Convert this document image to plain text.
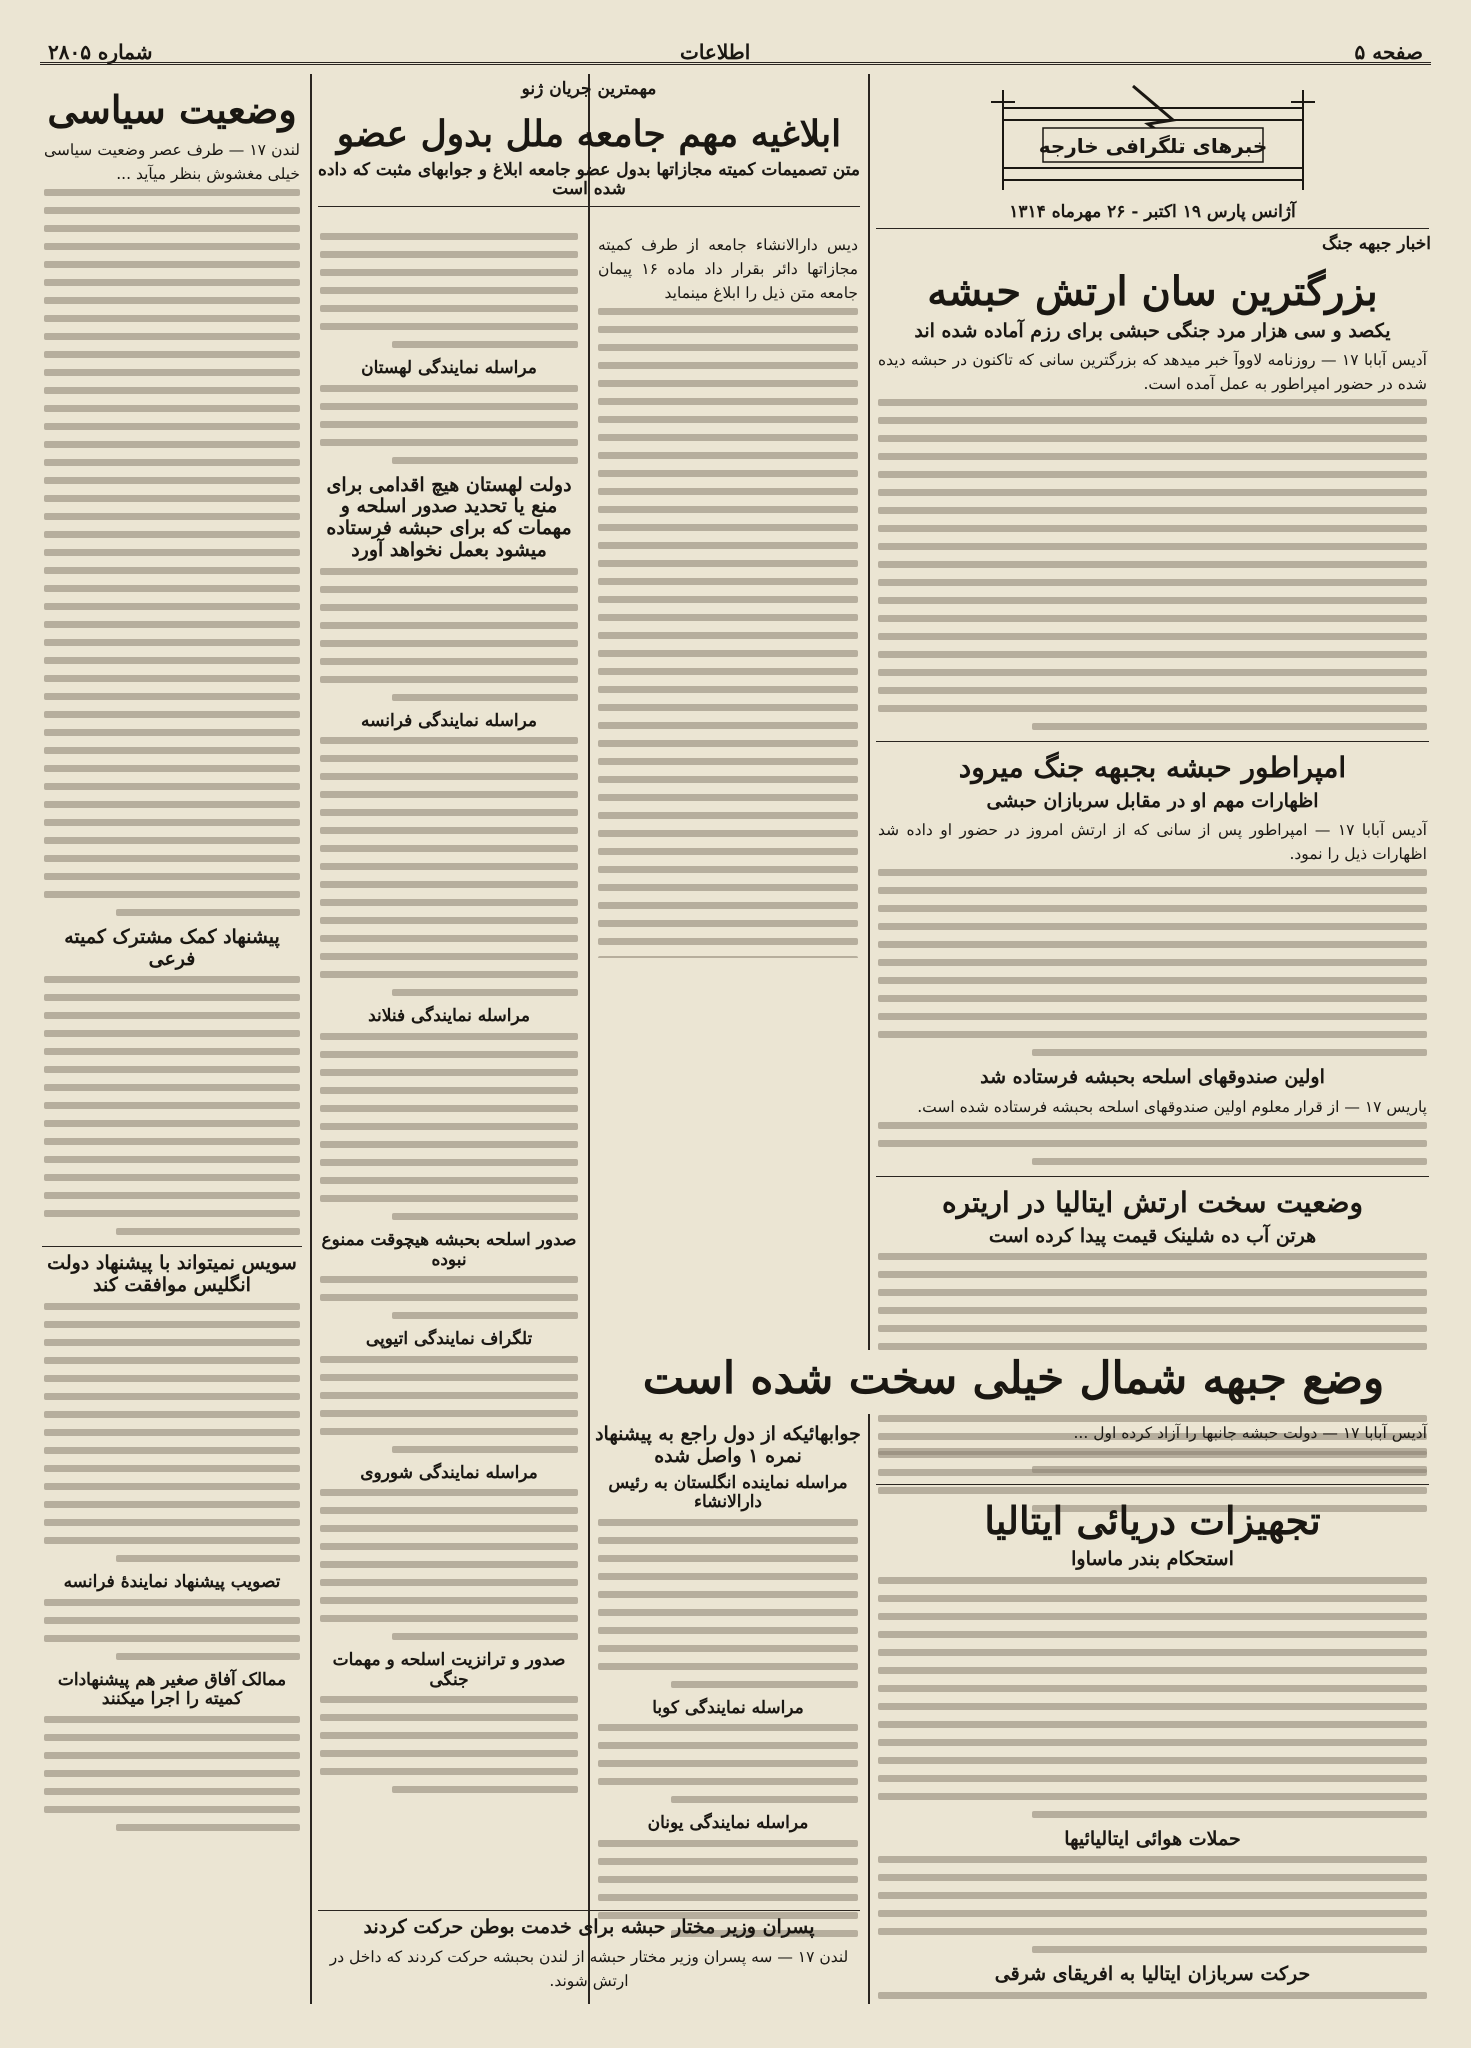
صفحه ۵
اطلاعات
شماره ۲۸۰۵
خبرهای تلگرافی خارجه
آژانس پارس ۱۹ اکتبر - ۲۶ مهرماه ۱۳۱۴
اخبار جبهه جنگ
بزرگترین سان ارتش حبشه
یکصد و سی هزار مرد جنگی حبشی برای رزم آماده شده اند

آدیس آبابا ۱۷ — روزنامه لاووآ خبر میدهد که بزرگترین سانی که تاکنون در حبشه دیده شده در حضور امپراطور به عمل آمده است.

امپراطور حبشه بجبهه جنگ میرود
اظهارات مهم او در مقابل سربازان حبشی

آدیس آبابا ۱۷ — امپراطور پس از سانی که از ارتش امروز در حضور او داده شد اظهارات ذیل را نمود.

اولین صندوقهای اسلحه بحبشه فرستاده شد

پاریس ۱۷ — از قرار معلوم اولین صندوقهای اسلحه بحبشه فرستاده شده است.

وضعیت سخت ارتش ایتالیا در اریتره
هرتن آب ده شلینک قیمت پیدا کرده است
وضع جبهه شمال خیلی سخت شده است

آدیس آبابا ۱۷ — دولت حبشه جانبها را آزاد کرده اول ...

تجهیزات دریائی ایتالیا
استحکام بندر ماساوا
حملات هوائی ایتالیائیها
حرکت سربازان ایتالیا به افریقای شرقی
مهمترین جریان ژنو
ابلاغیه مهم جامعه ملل بدول عضو
متن تصمیمات کمیته مجازاتها بدول عضو جامعه ابلاغ و جوابهای مثبت که داده شده است

دیس دارالانشاء جامعه از طرف کمیته مجازاتها دائر بقرار داد ماده ۱۶ پیمان جامعه متن ذیل را ابلاغ مینماید

جوابهائیکه از دول راجع به پیشنهاد نمره ۱ واصل شده
مراسله نماینده انگلستان به رئیس دارالانشاء
مراسله نمایندگی کوبا
مراسله نمایندگی یونان
مراسله نمایندگی لهستان
دولت لهستان هیچ اقدامی برای منع یا تحدید صدور اسلحه و مهمات که برای حبشه فرستاده میشود بعمل نخواهد آورد
مراسله نمایندگی فرانسه
مراسله نمایندگی فنلاند
صدور اسلحه بحبشه هیچوقت ممنوع نبوده
تلگراف نمایندگی اتیوپی
مراسله نمایندگی شوروی
صدور و ترانزیت اسلحه و مهمات جنگی
پسران وزیر مختار حبشه برای خدمت بوطن حرکت کردند

لندن ۱۷ — سه پسران وزیر مختار حبشه از لندن بحبشه حرکت کردند که داخل در ارتش شوند.

وضعیت سیاسی

لندن ۱۷ — طرف عصر وضعیت سیاسی خیلی مغشوش بنظر میآید ...

پیشنهاد کمک مشترک کمیته فرعی
سویس نمیتواند با پیشنهاد دولت انگلیس موافقت کند
تصویب پیشنهاد نمایندۀ فرانسه
ممالک آفاق صغیر هم پیشنهادات کمیته را اجرا میکنند
